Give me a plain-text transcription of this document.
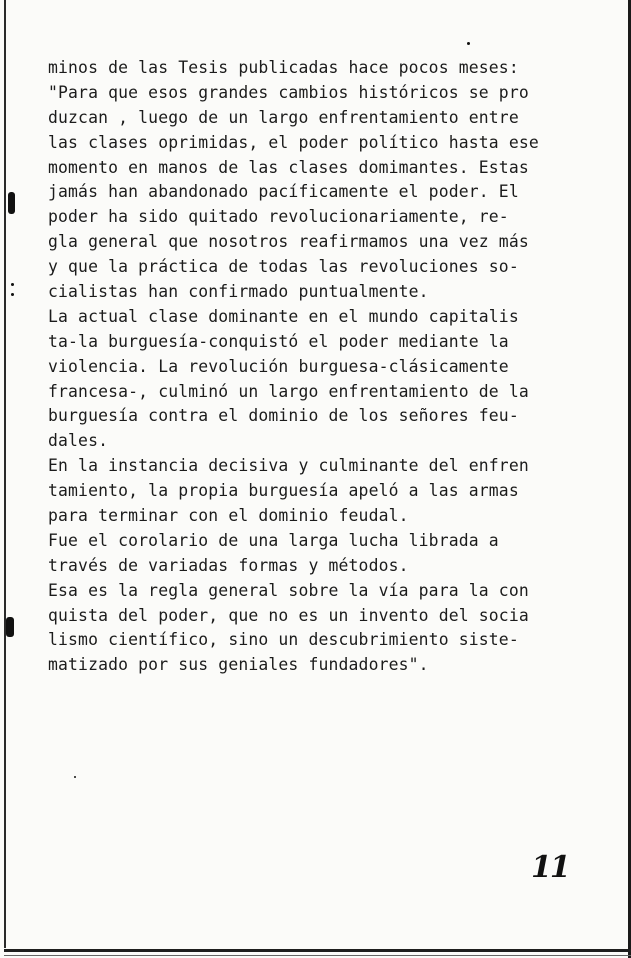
minos de las Tesis publicadas hace pocos meses:
"Para que esos grandes cambios históricos se pro
duzcan , luego de un largo enfrentamiento entre
las clases oprimidas, el poder político hasta ese
momento en manos de las clases domimantes. Estas
jamás han abandonado pacíficamente el poder. El
poder ha sido quitado revolucionariamente, re-
gla general que nosotros reafirmamos una vez más
y que la práctica de todas las revoluciones so-
cialistas han confirmado puntualmente.
La actual clase dominante en el mundo capitalis
ta-la burguesía-conquistó el poder mediante la
violencia. La revolución burguesa-clásicamente
francesa-, culminó un largo enfrentamiento de la
burguesía contra el dominio de los señores feu-
dales.
En la instancia decisiva y culminante del enfren
tamiento, la propia burguesía apeló a las armas
para terminar con el dominio feudal.
Fue el corolario de una larga lucha librada a
través de variadas formas y métodos.
Esa es la regla general sobre la vía para la con
quista del poder, que no es un invento del socia
lismo científico, sino un descubrimiento siste-
matizado por sus geniales fundadores".
11
